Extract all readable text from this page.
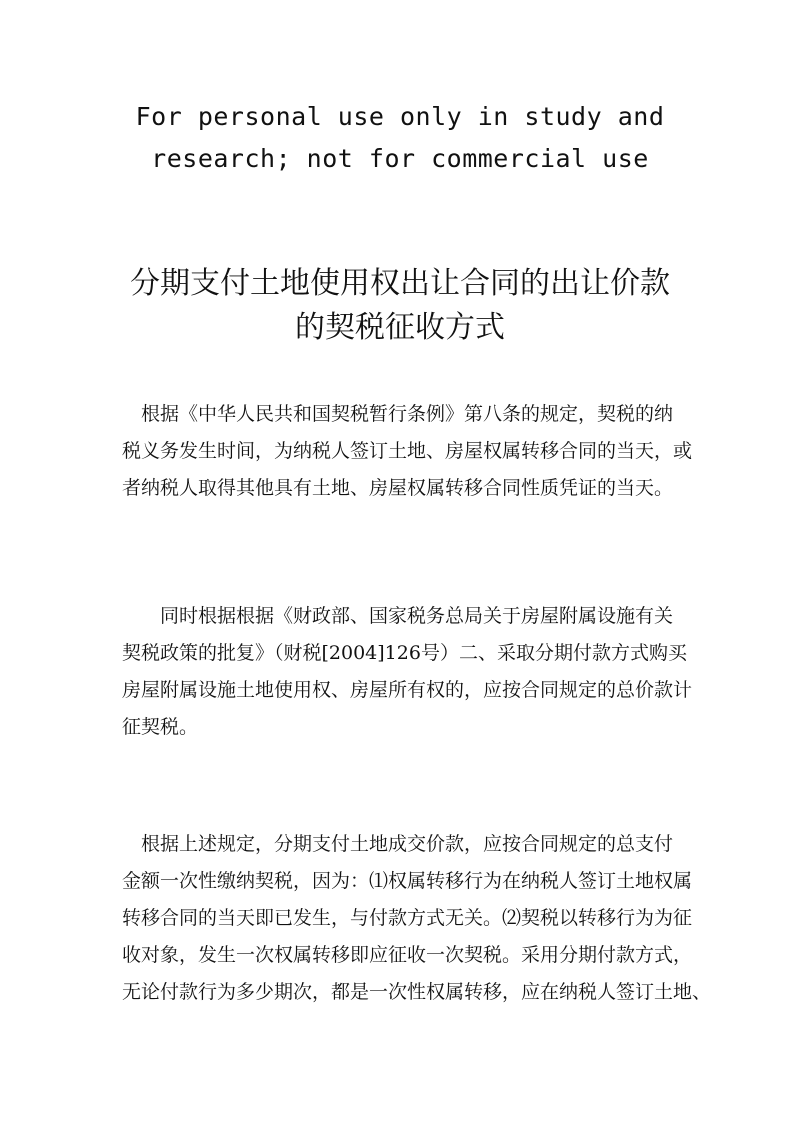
For personal use only in study and
research; not for commercial use
分期支付土地使用权出让合同的出让价款
的契税征收方式
　根据《中华人民共和国契税暂行条例》第八条的规定，契税的纳
税义务发生时间，为纳税人签订土地、房屋权属转移合同的当天，或
者纳税人取得其他具有土地、房屋权属转移合同性质凭证的当天。
　　同时根据根据《财政部、国家税务总局关于房屋附属设施有关
契税政策的批复》（财税[2004]126号）二、采取分期付款方式购买
房屋附属设施土地使用权、房屋所有权的，应按合同规定的总价款计
征契税。
　根据上述规定，分期支付土地成交价款，应按合同规定的总支付
金额一次性缴纳契税，因为：⑴权属转移行为在纳税人签订土地权属
转移合同的当天即已发生，与付款方式无关。⑵契税以转移行为为征
收对象，发生一次权属转移即应征收一次契税。采用分期付款方式，
无论付款行为多少期次，都是一次性权属转移，应在纳税人签订土地、
